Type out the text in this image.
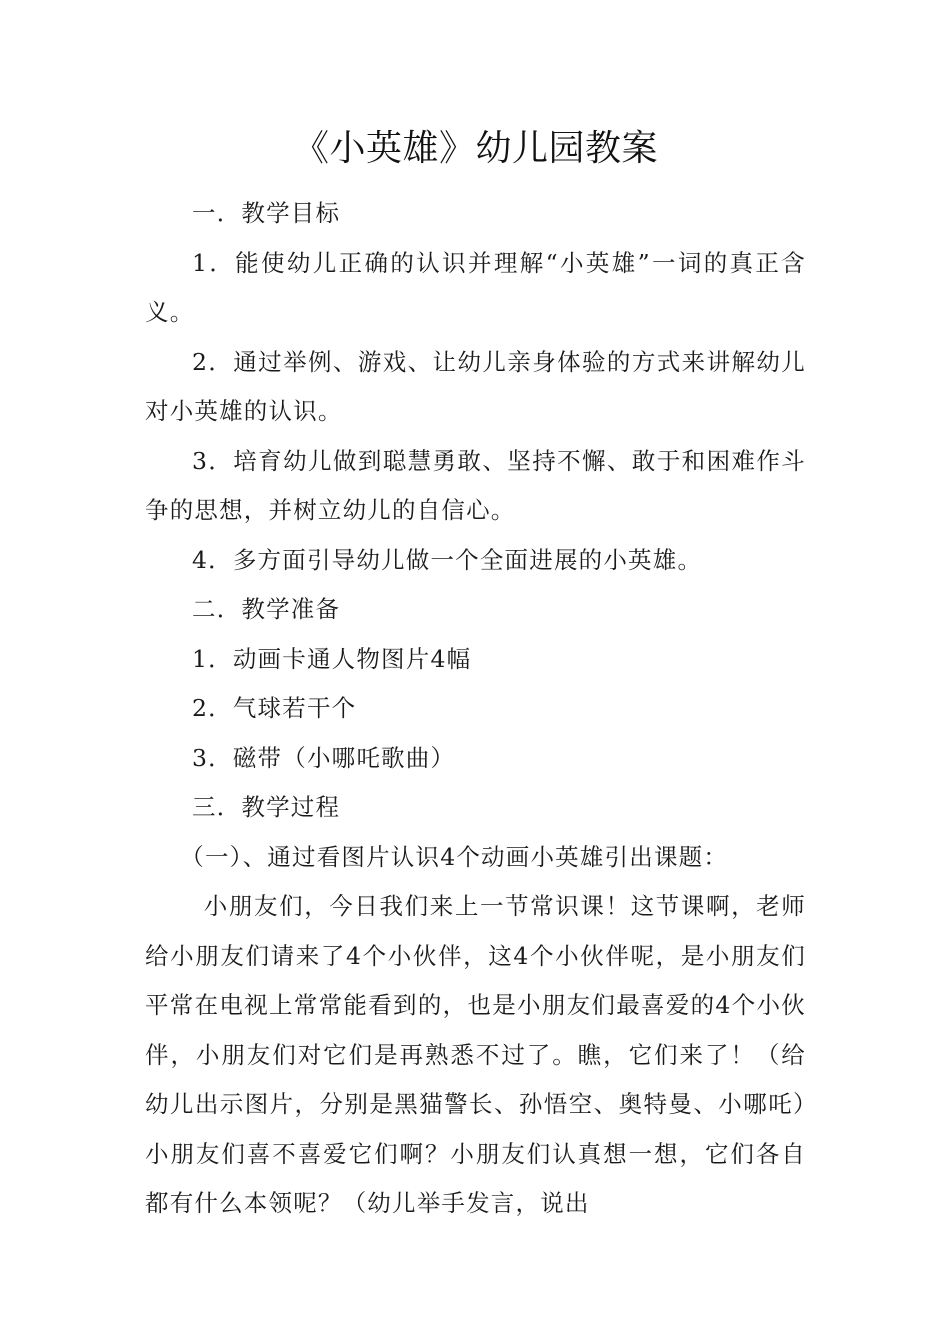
《小英雄》幼儿园教案

一．教学目标

1．能使幼儿正确的认识并理解“小英雄”一词的真正含义。

2．通过举例、游戏、让幼儿亲身体验的方式来讲解幼儿对小英雄的认识。

3．培育幼儿做到聪慧勇敢、坚持不懈、敢于和困难作斗争的思想，并树立幼儿的自信心。

4．多方面引导幼儿做一个全面进展的小英雄。

二．教学准备

1．动画卡通人物图片4幅

2．气球若干个

3．磁带（小哪吒歌曲）

三．教学过程

（一）、通过看图片认识4个动画小英雄引出课题：

小朋友们，今日我们来上一节常识课！这节课啊，老师给小朋友们请来了4个小伙伴，这4个小伙伴呢，是小朋友们平常在电视上常常能看到的，也是小朋友们最喜爱的4个小伙伴，小朋友们对它们是再熟悉不过了。瞧，它们来了！（给幼儿出示图片，分别是黑猫警长、孙悟空、奥特曼、小哪吒）小朋友们喜不喜爱它们啊？小朋友们认真想一想，它们各自都有什么本领呢？（幼儿举手发言，说出
